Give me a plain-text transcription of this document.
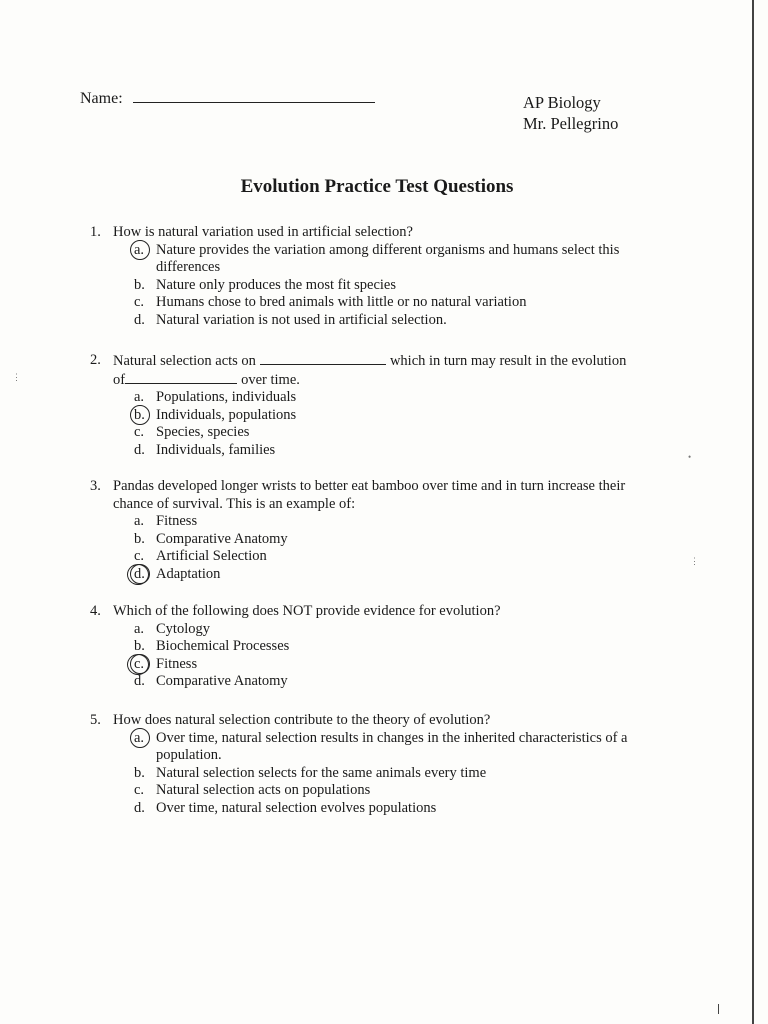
Name:	AP Biology
Mr. Pellegrino
Evolution Practice Test Questions
1. How is natural variation used in artificial selection?
a. Nature provides the variation among different organisms and humans select this differences
b. Nature only produces the most fit species
c. Humans chose to bred animals with little or no natural variation
d. Natural variation is not used in artificial selection.
2. Natural selection acts on	which in turn may result in the evolution
of	over time.
a. Populations, individuals
b. Individuals, populations
c. Species, species
d. Individuals, families
3. Pandas developed longer wrists to better eat bamboo over time and in turn increase their chance of survival. This is an example of:
a. Fitness
b. Comparative Anatomy
c. Artificial Selection
d. Adaptation
4. Which of the following does NOT provide evidence for evolution?
a. Cytology
b. Biochemical Processes
c. Fitness
d. Comparative Anatomy
5. How does natural selection contribute to the theory of evolution?
a. Over time, natural selection results in changes in the inherited characteristics of a population.
b. Natural selection selects for the same animals every time
c. Natural selection acts on populations
d. Over time, natural selection evolves populations
⋮
•
⋮
